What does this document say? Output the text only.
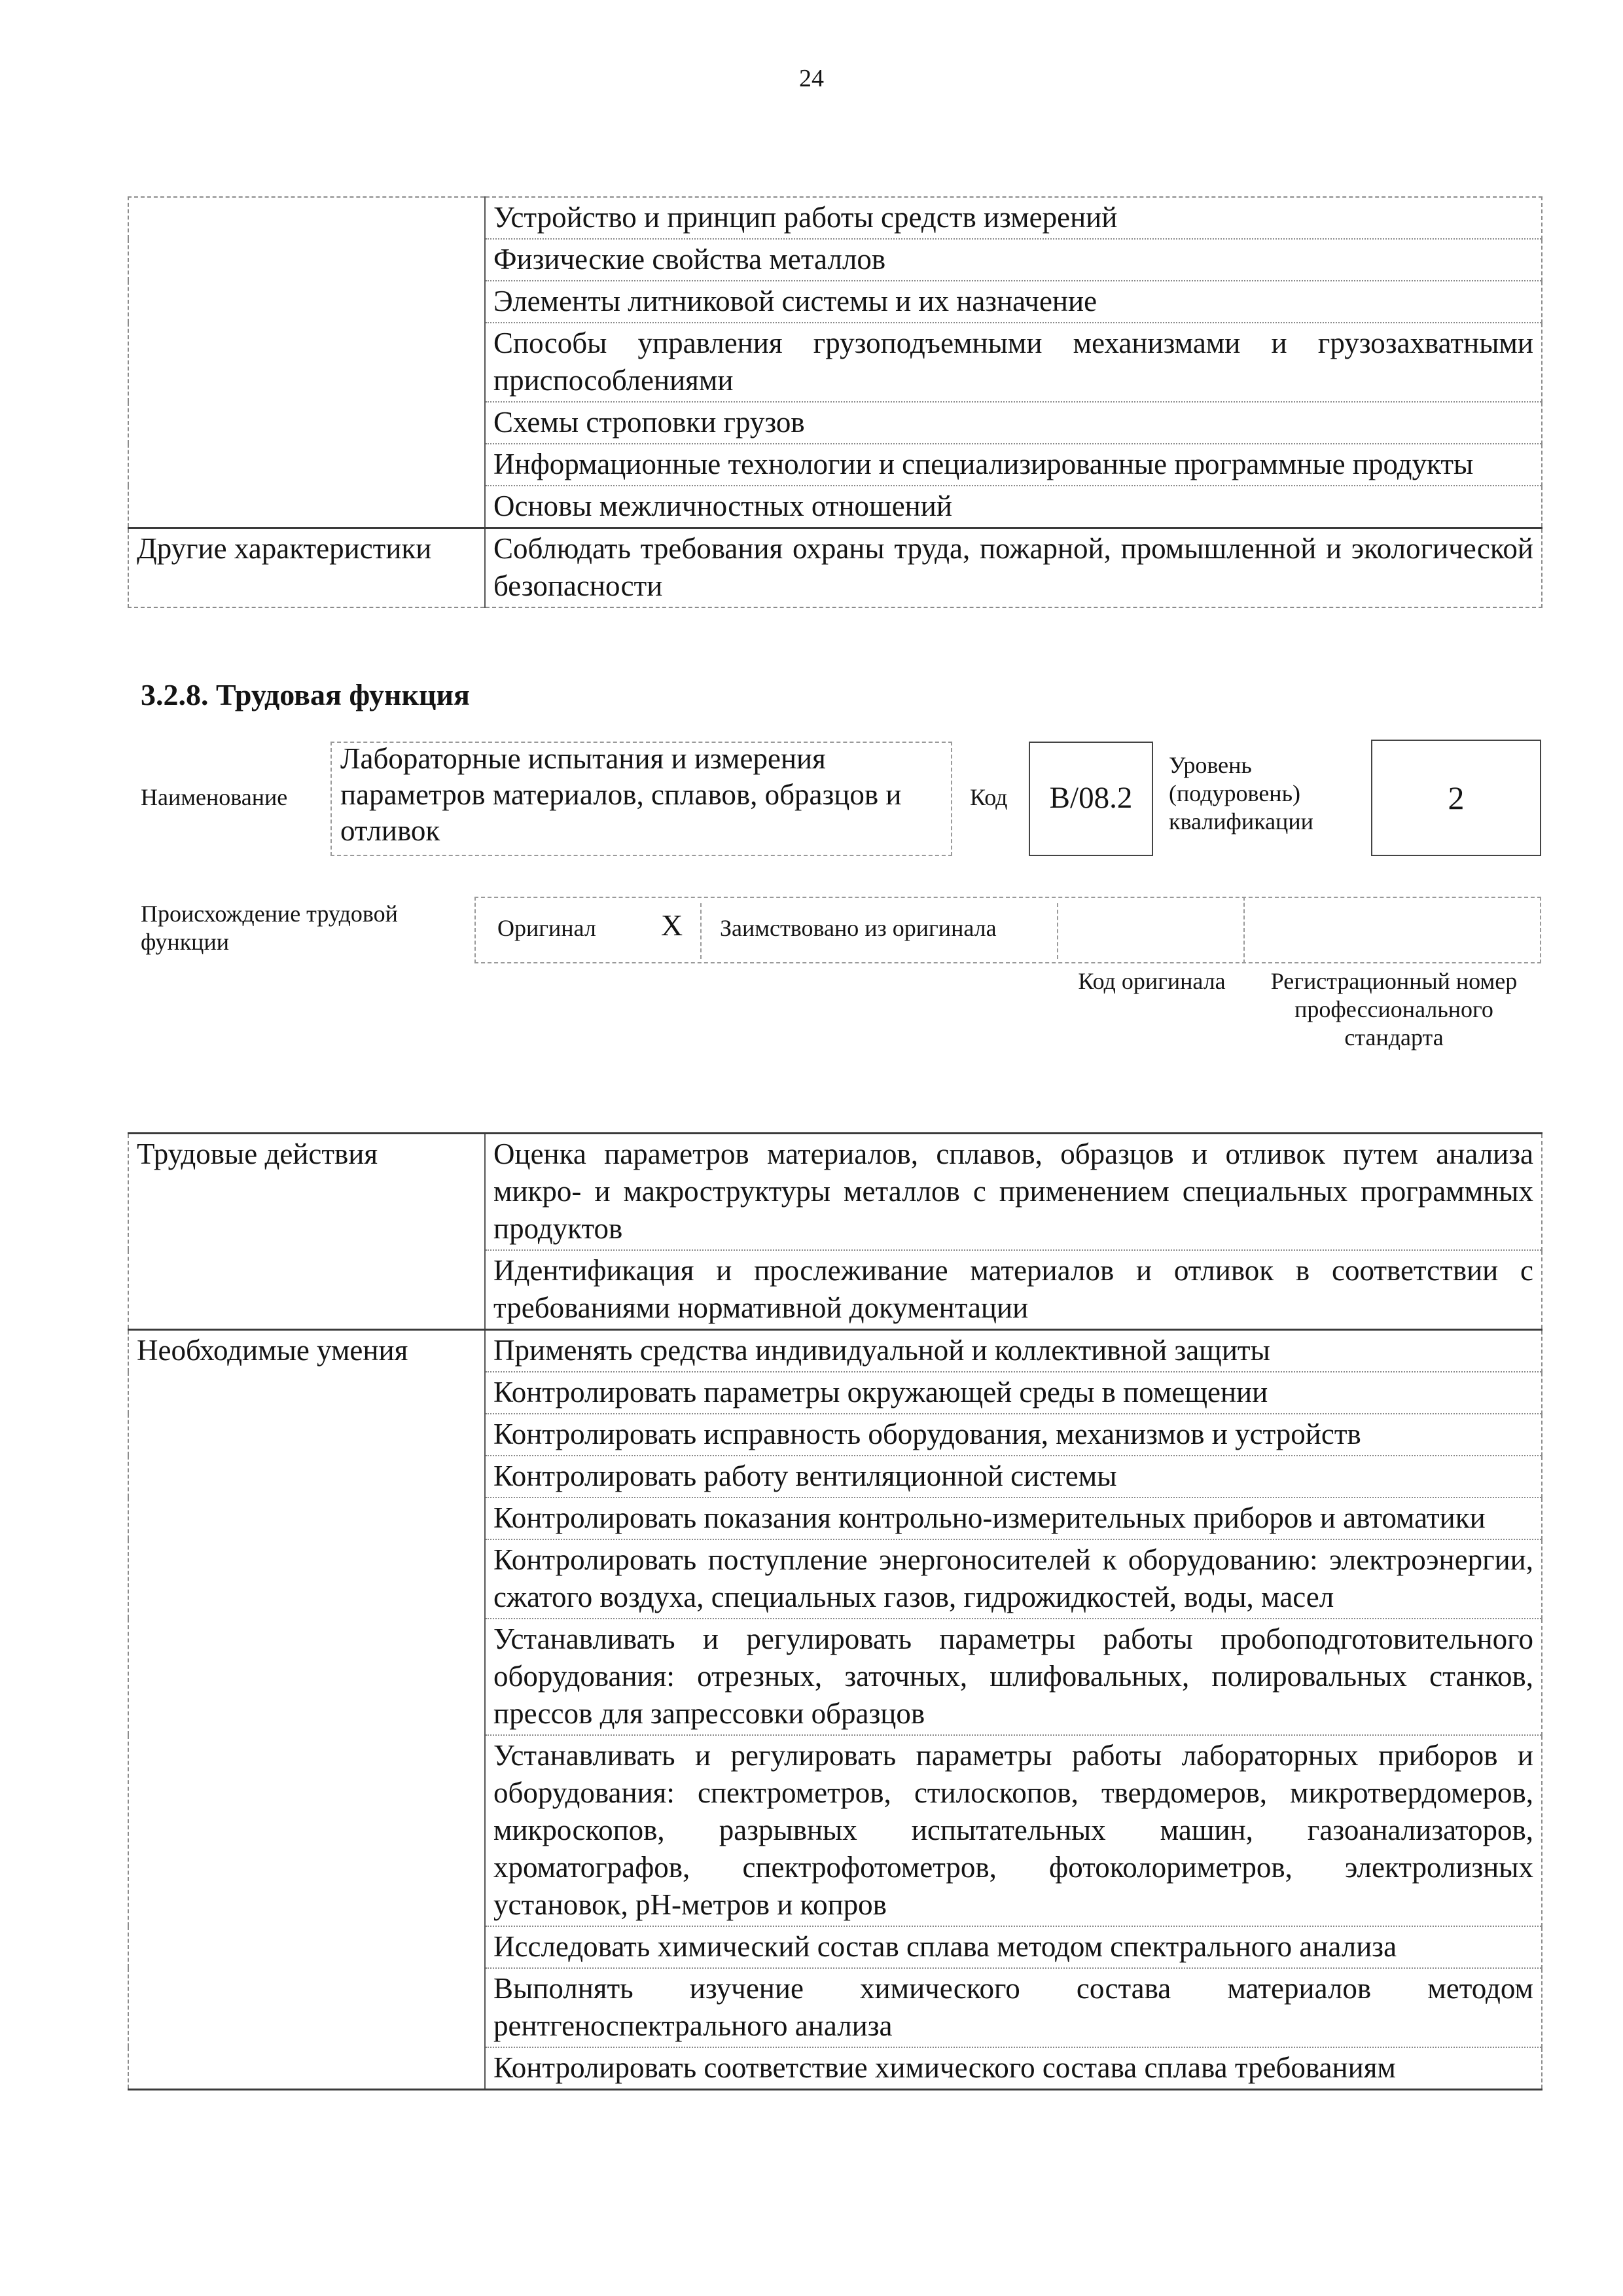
24
	Устройство и принцип работы средств измерений
	Физические свойства металлов
	Элементы литниковой системы и их назначение
	Способы управления грузоподъемными механизмами и грузозахватными приспособлениями
	Схемы строповки грузов
	Информационные технологии и специализированные программные продукты
	Основы межличностных отношений
Другие характеристики	Соблюдать требования охраны труда, пожарной, промышленной и экологической безопасности
3.2.8. Трудовая функция
Наименование
Лабораторные испытания и измерения параметров материалов, сплавов, образцов и отливок
Код	B/08.2
Уровень (подуровень) квалификации
2
Происхождение трудовой функции
Оригинал X Заимствовано из оригинала
Код оригинала	Регистрационный номер профессионального стандарта
Трудовые действия	Оценка параметров материалов, сплавов, образцов и отливок путем анализа микро- и макроструктуры металлов с применением специальных программных продуктов
	Идентификация и прослеживание материалов и отливок в соответствии с требованиями нормативной документации
Необходимые умения	Применять средства индивидуальной и коллективной защиты
	Контролировать параметры окружающей среды в помещении
	Контролировать исправность оборудования, механизмов и устройств
	Контролировать работу вентиляционной системы
	Контролировать показания контрольно-измерительных приборов и автоматики
	Контролировать поступление энергоносителей к оборудованию: электроэнергии, сжатого воздуха, специальных газов, гидрожидкостей, воды, масел
	Устанавливать и регулировать параметры работы пробоподготовительного оборудования: отрезных, заточных, шлифовальных, полировальных станков, прессов для запрессовки образцов
	Устанавливать и регулировать параметры работы лабораторных приборов и оборудования: спектрометров, стилоскопов, твердомеров, микротвердомеров, микроскопов, разрывных испытательных машин, газоанализаторов, хроматографов, спектрофотометров, фотоколориметров, электролизных установок, pH-метров и копров
	Исследовать химический состав сплава методом спектрального анализа
	Выполнять изучение химического состава материалов методом рентгеноспектрального анализа
	Контролировать соответствие химического состава сплава требованиям
